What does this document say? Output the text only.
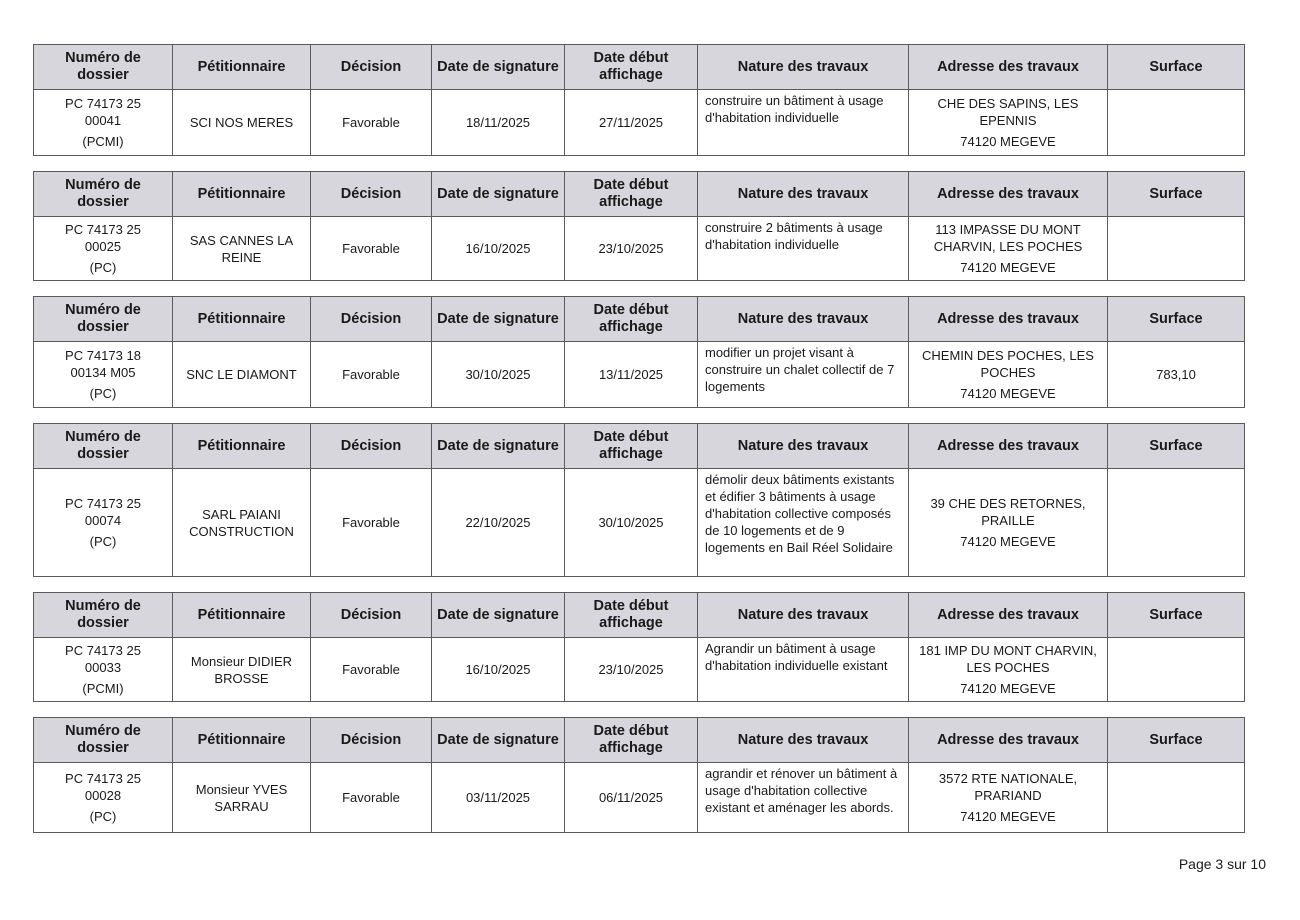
Numéro de dossier	Pétitionnaire	Décision	Date de signature	Date début affichage	Nature des travaux	Adresse des travaux	Surface

PC 74173 25
00041
(PCMI)	SCI NOS MERES	Favorable	18/11/2025	27/11/2025	construire un bâtiment à usage d'habitation individuelle	CHE DES SAPINS, LES EPENNIS
74120 MEGEVE	

Numéro de dossier	Pétitionnaire	Décision	Date de signature	Date début affichage	Nature des travaux	Adresse des travaux	Surface

PC 74173 25
00025
(PC)	SAS CANNES LA REINE	Favorable	16/10/2025	23/10/2025	construire 2 bâtiments à usage d'habitation individuelle	113 IMPASSE DU MONT CHARVIN, LES POCHES
74120 MEGEVE	

Numéro de dossier	Pétitionnaire	Décision	Date de signature	Date début affichage	Nature des travaux	Adresse des travaux	Surface

PC 74173 18
00134 M05
(PC)	SNC LE DIAMONT	Favorable	30/10/2025	13/11/2025	modifier un projet visant à construire un chalet collectif de 7 logements	CHEMIN DES POCHES, LES POCHES
74120 MEGEVE	783,10
Numéro de dossier	Pétitionnaire	Décision	Date de signature	Date début affichage	Nature des travaux	Adresse des travaux	Surface

PC 74173 25
00074
(PC)	SARL PAIANI CONSTRUCTION	Favorable	22/10/2025	30/10/2025	démolir deux bâtiments existants et édifier 3 bâtiments à usage d'habitation collective composés de 10 logements et de 9 logements en Bail Réel Solidaire	39 CHE DES RETORNES, PRAILLE
74120 MEGEVE	

Numéro de dossier	Pétitionnaire	Décision	Date de signature	Date début affichage	Nature des travaux	Adresse des travaux	Surface

PC 74173 25
00033
(PCMI)	Monsieur DIDIER BROSSE	Favorable	16/10/2025	23/10/2025	Agrandir un bâtiment à usage d'habitation individuelle existant	181 IMP DU MONT CHARVIN, LES POCHES
74120 MEGEVE	

Numéro de dossier	Pétitionnaire	Décision	Date de signature	Date début affichage	Nature des travaux	Adresse des travaux	Surface

PC 74173 25
00028
(PC)	Monsieur YVES SARRAU	Favorable	03/11/2025	06/11/2025	agrandir et rénover un bâtiment à usage d'habitation collective existant et aménager les abords.	3572 RTE NATIONALE, PRARIAND
74120 MEGEVE	

Page 3 sur 10
